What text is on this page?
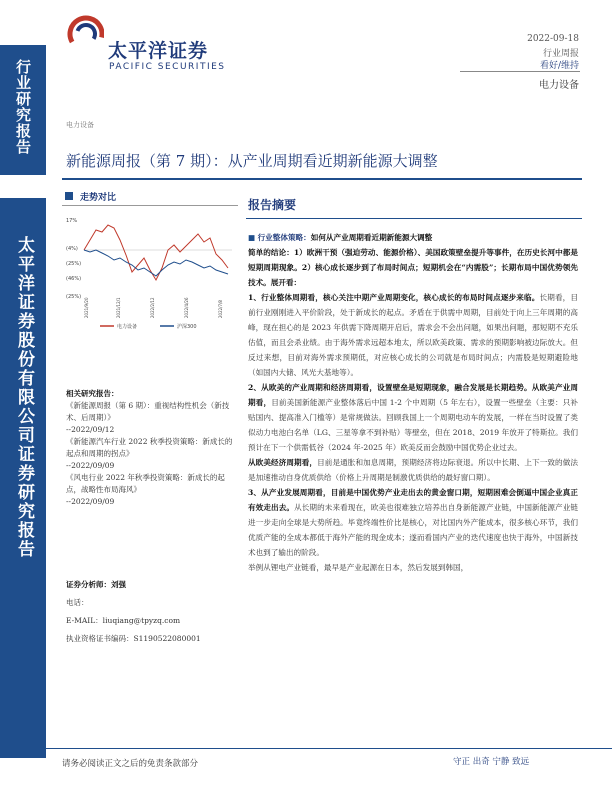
行业研究报告
太平洋证券股份有限公司证券研究报告
太平洋证券
PACIFIC SECURITIES
2022-09-18
行业周报
看好/维持
电力设备
电力设备
新能源周报（第 7 期）：从产业周期看近期新能源大调整
走势对比
17%
(4%)
(25%)
(46%)
(25%)
2021/9/20	2021/12/1	2022/2/12	2022/4/26	2022/7/8
电力设备	沪深300
相关研究报告：
《新能源周报（第 6 期）：重视结构性机会（新技术、后周期）》
--2022/09/12
《新能源汽车行业 2022 秋季投资策略：新成长的起点和周期的拐点》
--2022/09/09
《风电行业 2022 年秋季投资策略：新成长的起点，战略性布局海风》
--2022/09/09
证券分析师：刘强
电话：
E-MAIL：liuqiang@tpyzq.com
执业资格证书编码：S1190522080001
报告摘要
■ 行业整体策略：如何从产业周期看近期新能源大调整
简单的结论：1）欧洲干预（强迫劳动、能源价格）、美国政策壁垒提升等事件，在历史长河中都是短期周期现象。2）核心成长逐步到了布局时间点；短期机会在“内需股”；长期布局中国优势领先技术。展开看：
1、行业整体周期看，核心关注中期产业周期变化，核心成长的布局时间点逐步来临。长期看，目前行业刚刚进入平价阶段，处于新成长的起点。矛盾在于供需中周期，目前处于向上三年周期的高峰，现在担心的是 2023 年供需下降周期开启后，需求会不会出问题，如果出问题，那短期不充乐估值，而且会杀业绩。由于海外需求远超本地太，所以欧美政策、需求的预期影响被边际放大。但反过来想，目前对海外需求预期低，对应核心成长的公司就是布局时间点；内需股是短期避险地（如国内大储、风光大基地等）。
2、从欧美的产业周期和经济周期看，设置壁垒是短期现象，融合发展是长期趋势。从欧美产业周期看，目前美国新能源产业整体落后中国 1-2 个中周期（5 年左右），设置一些壁垒（主要：只补贴国内、提高准入门槛等）是常规做法。回顾我国上一个周期电动车的发展，一样在当时设置了类似动力电池白名单（LG、三星等拿不到补贴）等壁垒，但在 2018、2019 年放开了特斯拉。我们预计在下一个供需低谷（2024 年-2025 年）欧美反而会鼓励中国优势企业过去。
从欧美经济周期看，目前是通胀和加息周期，预期经济将边际衰退。所以中长期、上下一致的做法是加速推动自身优质供给（价格上升周期是制激优质供给的最好窗口期）。
3、从产业发展周期看，目前是中国优势产业走出去的黄金窗口期，短期困难会倒逼中国企业真正有效走出去。从长期的未来看现在，欧美也很难独立培养出自身新能源产业链，中国新能源产业链进一步走向全球是大势所趋。毕竟终端性价比是核心，对比国内外产能成本，很多核心环节，我们优质产能的全成本都低于海外产能的现金成本；遂而看国内产业的迭代速度也快于海外，中国新技术也到了输出的阶段。
举例从锂电产业链看，最早是产业起源在日本，然后发展到韩国，
请务必阅读正文之后的免责条款部分	守正 出奇 宁静 致远
